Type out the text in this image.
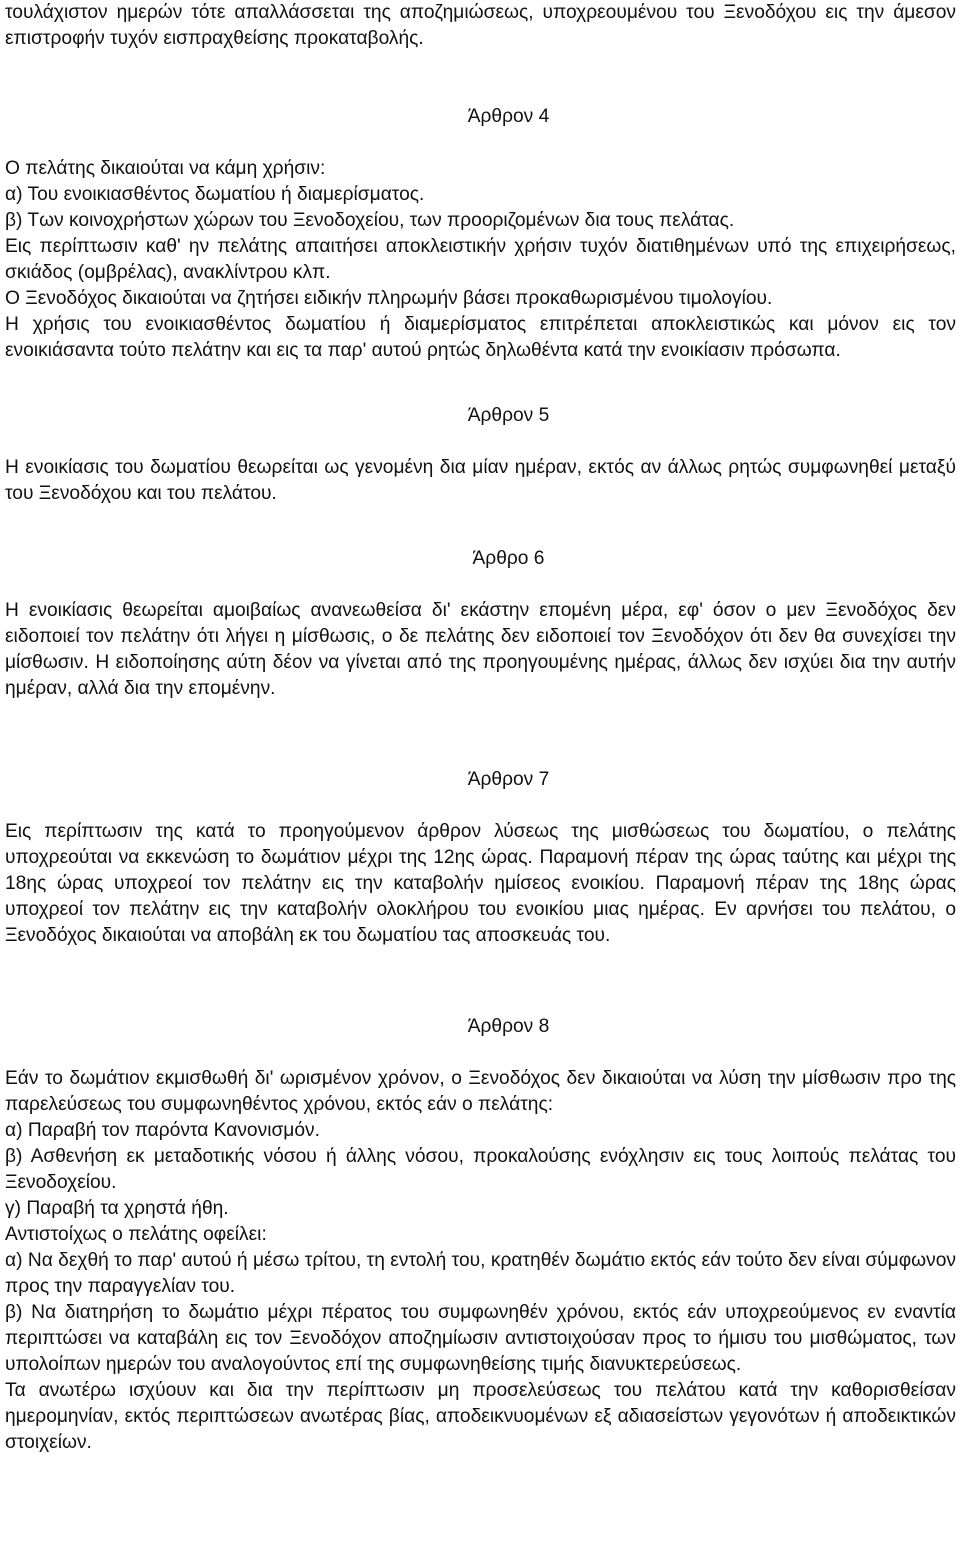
τουλάχιστον ημερών τότε απαλλάσσεται της αποζημιώσεως, υποχρεουμένου του Ξενοδόχου εις την άμεσον επιστροφήν τυχόν εισπραχθείσης προκαταβολής.

Άρθρον 4

Ο πελάτης δικαιούται να κάμη χρήσιν:

α) Του ενοικιασθέντος δωματίου ή διαμερίσματος.

β) Των κοινοχρήστων χώρων του Ξενοδοχείου, των προοριζομένων δια τους πελάτας.

Εις περίπτωσιν καθ' ην πελάτης απαιτήσει αποκλειστικήν χρήσιν τυχόν διατιθημένων υπό της επιχειρήσεως, σκιάδος (ομβρέλας), ανακλίντρου κλπ.

Ο Ξενοδόχος δικαιούται να ζητήσει ειδικήν πληρωμήν βάσει προκαθωρισμένου τιμολογίου.

Η χρήσις του ενοικιασθέντος δωματίου ή διαμερίσματος επιτρέπεται αποκλειστικώς και μόνον εις τον ενοικιάσαντα τούτο πελάτην και εις τα παρ' αυτού ρητώς δηλωθέντα κατά την ενοικίασιν πρόσωπα.

Άρθρον 5

Η ενοικίασις του δωματίου θεωρείται ως γενομένη δια μίαν ημέραν, εκτός αν άλλως ρητώς συμφωνηθεί μεταξύ του Ξενοδόχου και του πελάτου.

Άρθρο 6

Η ενοικίασις θεωρείται αμοιβαίως ανανεωθείσα δι' εκάστην επομένη μέρα, εφ' όσον ο μεν Ξενοδόχος δεν ειδοποιεί τον πελάτην ότι λήγει η μίσθωσις, ο δε πελάτης δεν ειδοποιεί τον Ξενοδόχον ότι δεν θα συνεχίσει την μίσθωσιν. Η ειδοποίησης αύτη δέον να γίνεται από της προηγουμένης ημέρας, άλλως δεν ισχύει δια την αυτήν ημέραν, αλλά δια την επομένην.

Άρθρον 7

Εις περίπτωσιν της κατά το προηγούμενον άρθρον λύσεως της μισθώσεως του δωματίου, ο πελάτης υποχρεούται να εκκενώση το δωμάτιον μέχρι της 12ης ώρας. Παραμονή πέραν της ώρας ταύτης και μέχρι της 18ης ώρας υποχρεοί τον πελάτην εις την καταβολήν ημίσεος ενοικίου. Παραμονή πέραν της 18ης ώρας υποχρεοί τον πελάτην εις την καταβολήν ολοκλήρου του ενοικίου μιας ημέρας. Εν αρνήσει του πελάτου, ο Ξενοδόχος δικαιούται να αποβάλη εκ του δωματίου τας αποσκευάς του.

Άρθρον 8

Εάν το δωμάτιον εκμισθωθή δι' ωρισμένον χρόνον, ο Ξενοδόχος δεν δικαιούται να λύση την μίσθωσιν προ της παρελεύσεως του συμφωνηθέντος χρόνου, εκτός εάν ο πελάτης:

α) Παραβή τον παρόντα Κανονισμόν.

β) Ασθενήση εκ μεταδοτικής νόσου ή άλλης νόσου, προκαλούσης ενόχλησιν εις τους λοιπούς πελάτας του Ξενοδοχείου.

γ) Παραβή τα χρηστά ήθη.

Αντιστοίχως ο πελάτης οφείλει:

α) Να δεχθή το παρ' αυτού ή μέσω τρίτου, τη εντολή του, κρατηθέν δωμάτιο εκτός εάν τούτο δεν είναι σύμφωνον προς την παραγγελίαν του.

β) Να διατηρήση το δωμάτιο μέχρι πέρατος του συμφωνηθέν χρόνου, εκτός εάν υποχρεούμενος εν εναντία περιπτώσει να καταβάλη εις τον Ξενοδόχον αποζημίωσιν αντιστοιχούσαν προς το ήμισυ του μισθώματος, των υπολοίπων ημερών του αναλογούντος επί της συμφωνηθείσης τιμής διανυκτερεύσεως.

Τα ανωτέρω ισχύουν και δια την περίπτωσιν μη προσελεύσεως του πελάτου κατά την καθορισθείσαν ημερομηνίαν, εκτός περιπτώσεων ανωτέρας βίας, αποδεικνυομένων εξ αδιασείστων γεγονότων ή αποδεικτικών στοιχείων.
